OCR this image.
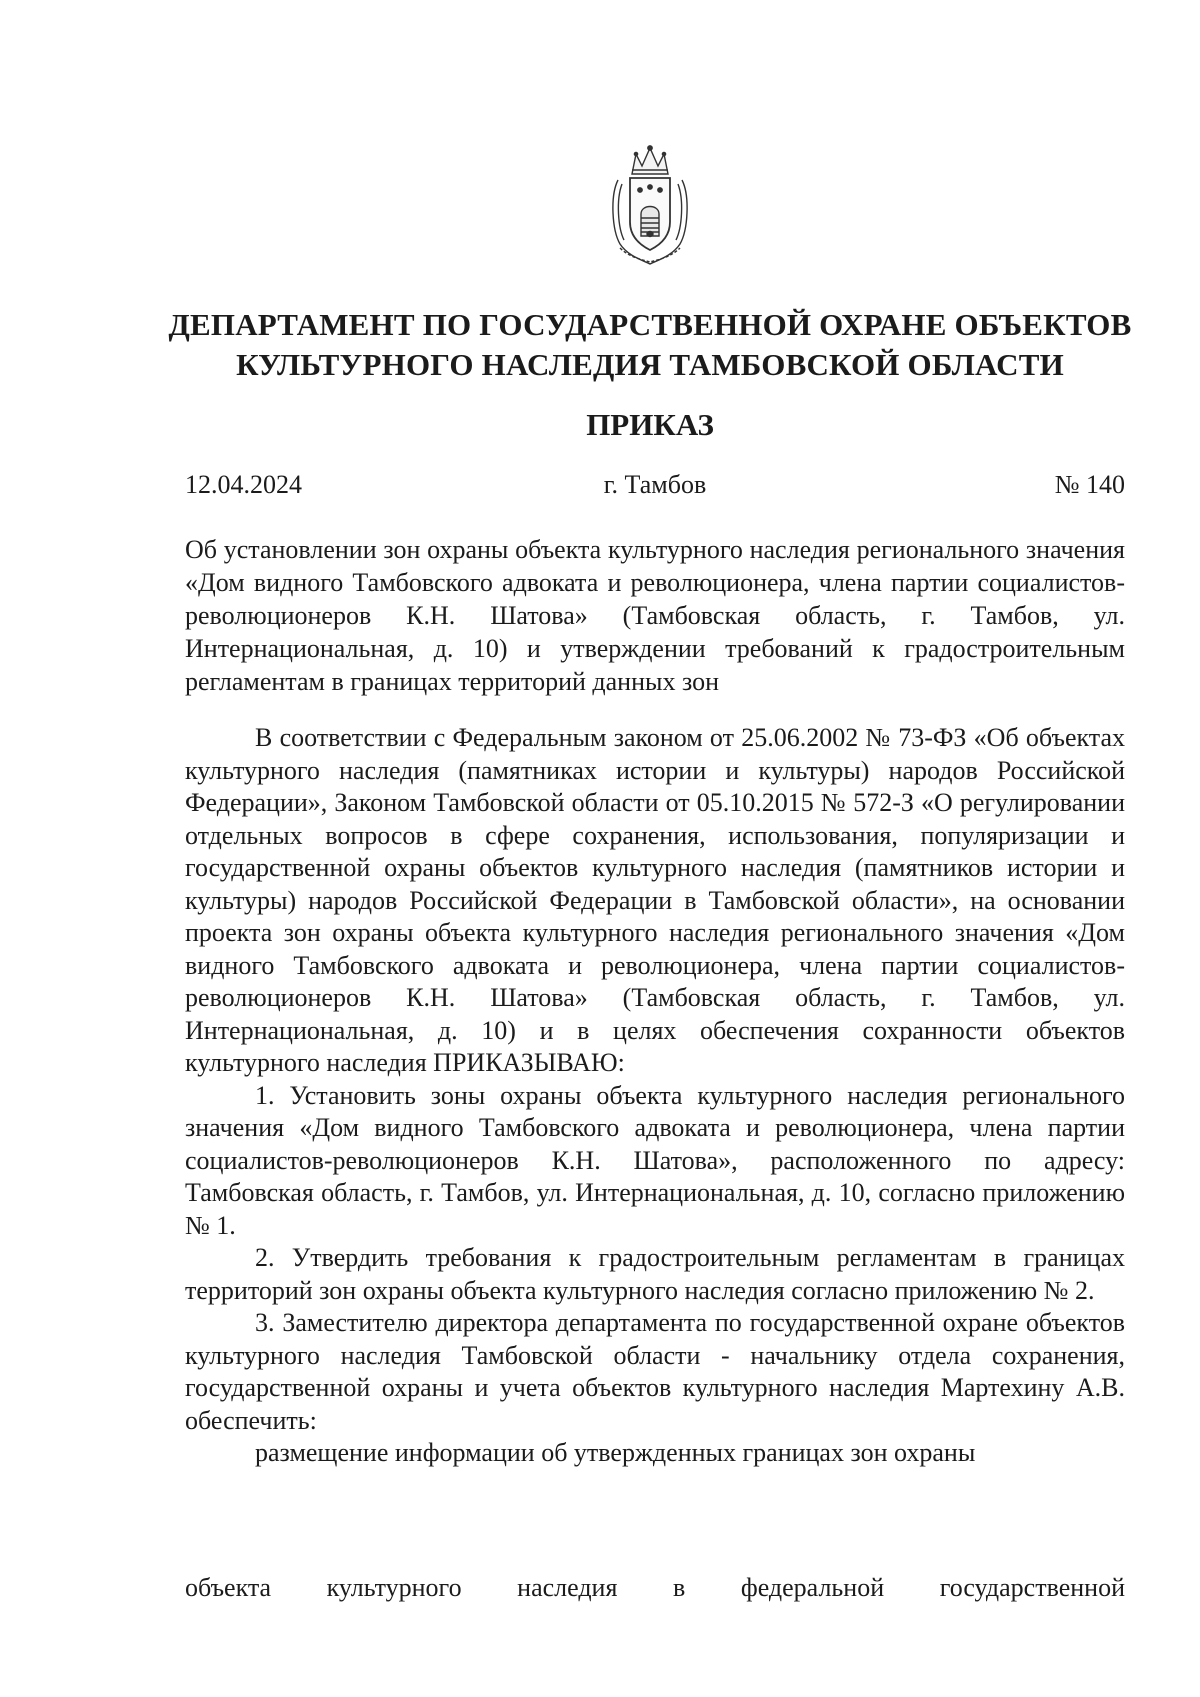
ДЕПАРТАМЕНТ ПО ГОСУДАРСТВЕННОЙ ОХРАНЕ ОБЪЕКТОВ
КУЛЬТУРНОГО НАСЛЕДИЯ ТАМБОВСКОЙ ОБЛАСТИ
ПРИКАЗ
12.04.2024	г. Тамбов	№ 140
Об установлении зон охраны объекта культурного наследия регионального значения «Дом видного Тамбовского адвоката и революционера, члена партии социалистов-революционеров К.Н. Шатова» (Тамбовская область, г. Тамбов, ул. Интернациональная, д. 10) и утверждении требований к градостроительным регламентам в границах территорий данных зон

В соответствии с Федеральным законом от 25.06.2002 № 73-ФЗ «Об объектах культурного наследия (памятниках истории и культуры) народов Российской Федерации», Законом Тамбовской области от 05.10.2015 № 572-З «О регулировании отдельных вопросов в сфере сохранения, использования, популяризации и государственной охраны объектов культурного наследия (памятников истории и культуры) народов Российской Федерации в Тамбовской области», на основании проекта зон охраны объекта культурного наследия регионального значения «Дом видного Тамбовского адвоката и революционера, члена партии социалистов-революционеров К.Н. Шатова» (Тамбовская область, г. Тамбов, ул. Интернациональная, д. 10) и в целях обеспечения сохранности объектов культурного наследия ПРИКАЗЫВАЮ:

1. Установить зоны охраны объекта культурного наследия регионального значения «Дом видного Тамбовского адвоката и революционера, члена партии социалистов-революционеров К.Н. Шатова», расположенного по адресу: Тамбовская область, г. Тамбов, ул. Интернациональная, д. 10, согласно приложению № 1.

2. Утвердить требования к градостроительным регламентам в границах территорий зон охраны объекта культурного наследия согласно приложению № 2.

3. Заместителю директора департамента по государственной охране объектов культурного наследия Тамбовской области - начальнику отдела сохранения, государственной охраны и учета объектов культурного наследия Мартехину А.В. обеспечить:

размещение информации об утвержденных границах зон охраны

объекта культурного наследия в федеральной государственной
